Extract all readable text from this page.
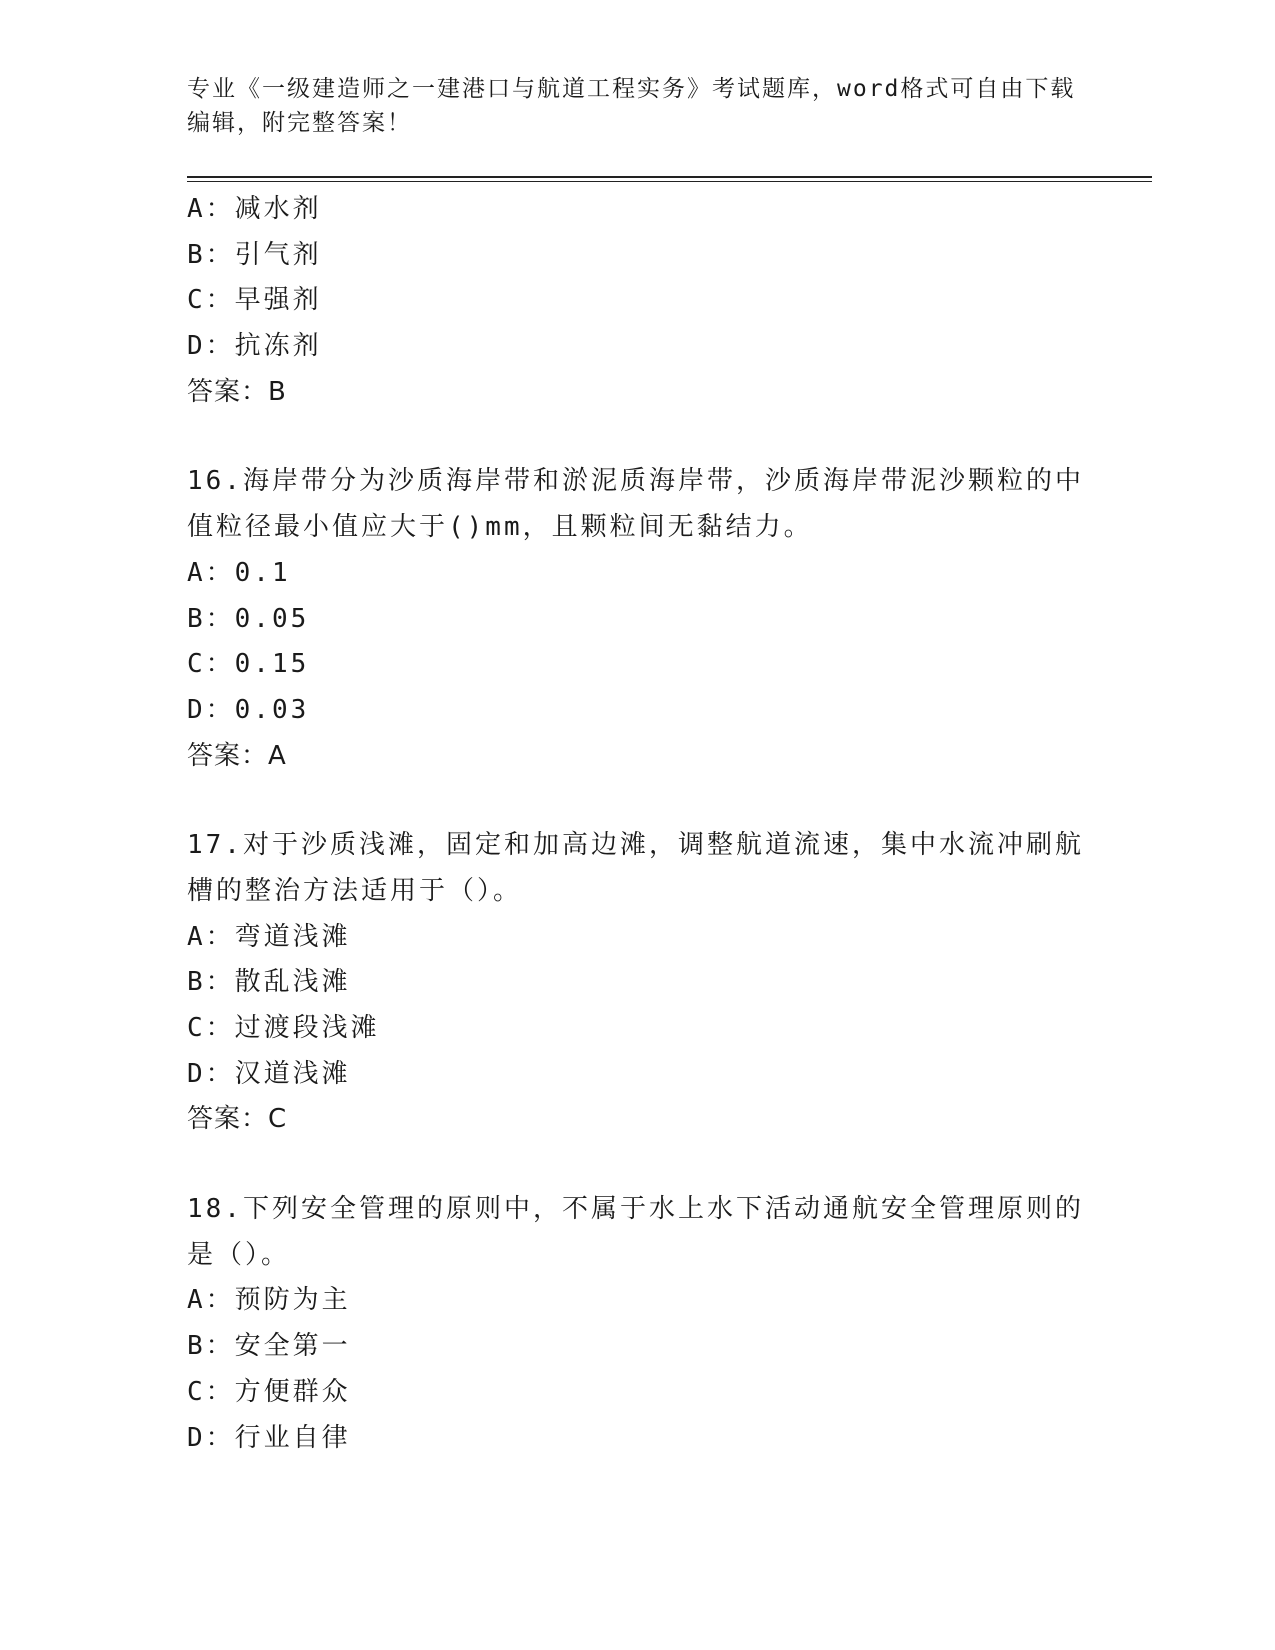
专业《一级建造师之一建港口与航道工程实务》考试题库，word格式可自由下载
编辑，附完整答案！
A：减水剂
B：引气剂
C：早强剂
D：抗冻剂
答案：B
16.海岸带分为沙质海岸带和淤泥质海岸带，沙质海岸带泥沙颗粒的中
值粒径最小值应大于()mm，且颗粒间无黏结力。
A：0.1
B：0.05
C：0.15
D：0.03
答案：A
17.对于沙质浅滩，固定和加高边滩，调整航道流速，集中水流冲刷航
槽的整治方法适用于（）。
A：弯道浅滩
B：散乱浅滩
C：过渡段浅滩
D：汉道浅滩
答案：C
18.下列安全管理的原则中，不属于水上水下活动通航安全管理原则的
是（）。
A：预防为主
B：安全第一
C：方便群众
D：行业自律
